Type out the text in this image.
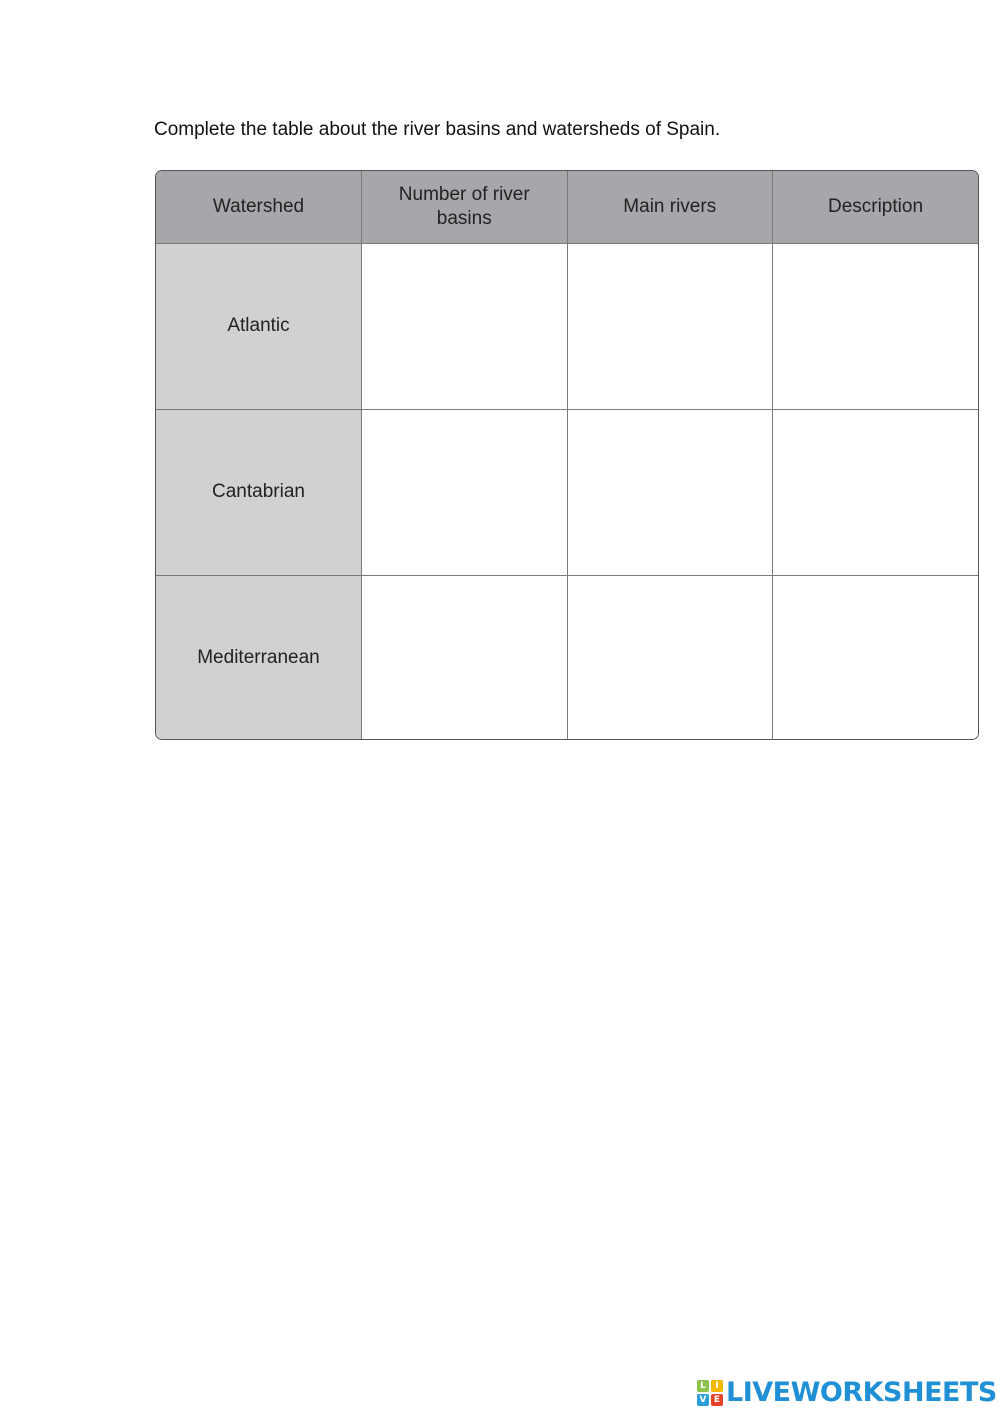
Complete the table about the river basins and watersheds of Spain.
Watershed	Number of river basins	Main rivers	Description
Atlantic			
Cantabrian			
Mediterranean			
L	I
V E LIVEWORKSHEETS
